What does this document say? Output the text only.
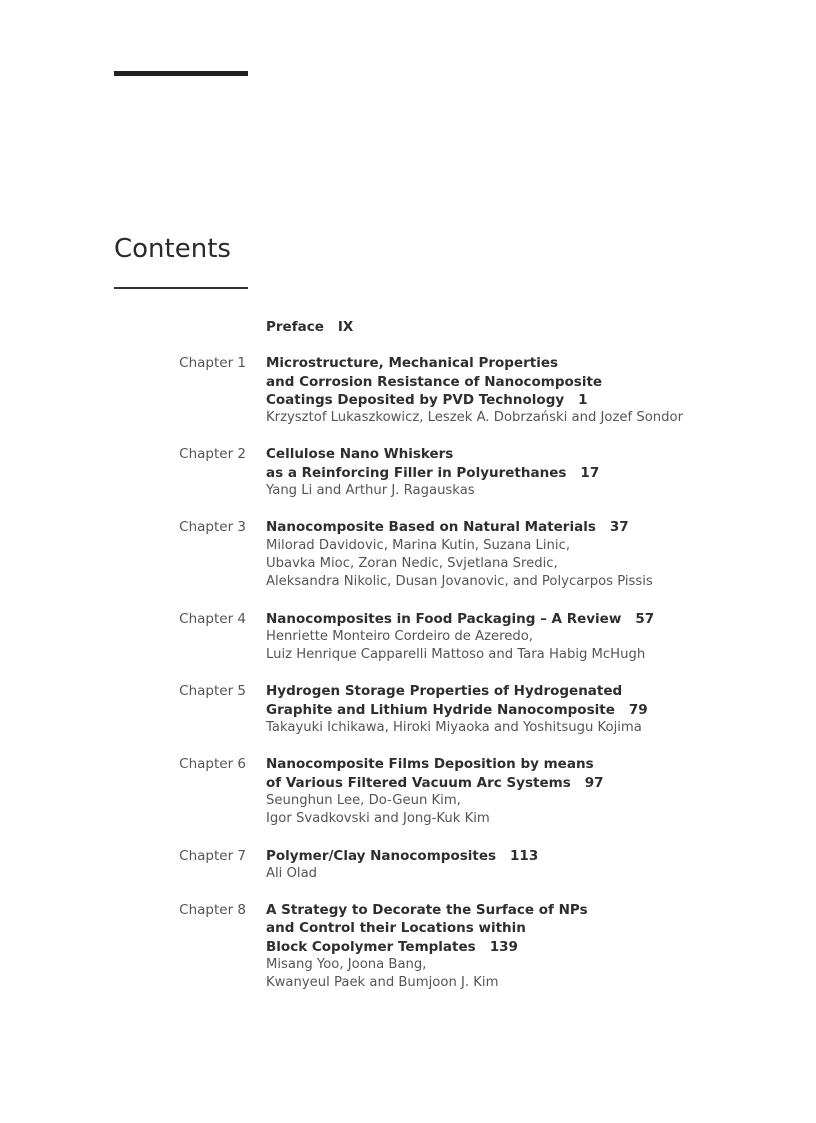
Contents
Preface IX
Chapter 1 Microstructure, Mechanical Properties
and Corrosion Resistance of Nanocomposite
Coatings Deposited by PVD Technology 1
Krzysztof Lukaszkowicz, Leszek A. Dobrzański and Jozef Sondor
Chapter 2 Cellulose Nano Whiskers
as a Reinforcing Filler in Polyurethanes 17
Yang Li and Arthur J. Ragauskas
Chapter 3 Nanocomposite Based on Natural Materials 37
Milorad Davidovic, Marina Kutin, Suzana Linic,
Ubavka Mioc, Zoran Nedic, Svjetlana Sredic,
Aleksandra Nikolic, Dusan Jovanovic, and Polycarpos Pissis
Chapter 4 Nanocomposites in Food Packaging – A Review 57
Henriette Monteiro Cordeiro de Azeredo,
Luiz Henrique Capparelli Mattoso and Tara Habig McHugh
Chapter 5 Hydrogen Storage Properties of Hydrogenated
Graphite and Lithium Hydride Nanocomposite 79
Takayuki Ichikawa, Hiroki Miyaoka and Yoshitsugu Kojima
Chapter 6 Nanocomposite Films Deposition by means
of Various Filtered Vacuum Arc Systems 97
Seunghun Lee, Do-Geun Kim,
Igor Svadkovski and Jong-Kuk Kim
Chapter 7 Polymer/Clay Nanocomposites 113
Ali Olad
Chapter 8 A Strategy to Decorate the Surface of NPs
and Control their Locations within
Block Copolymer Templates 139
Misang Yoo, Joona Bang,
Kwanyeul Paek and Bumjoon J. Kim
